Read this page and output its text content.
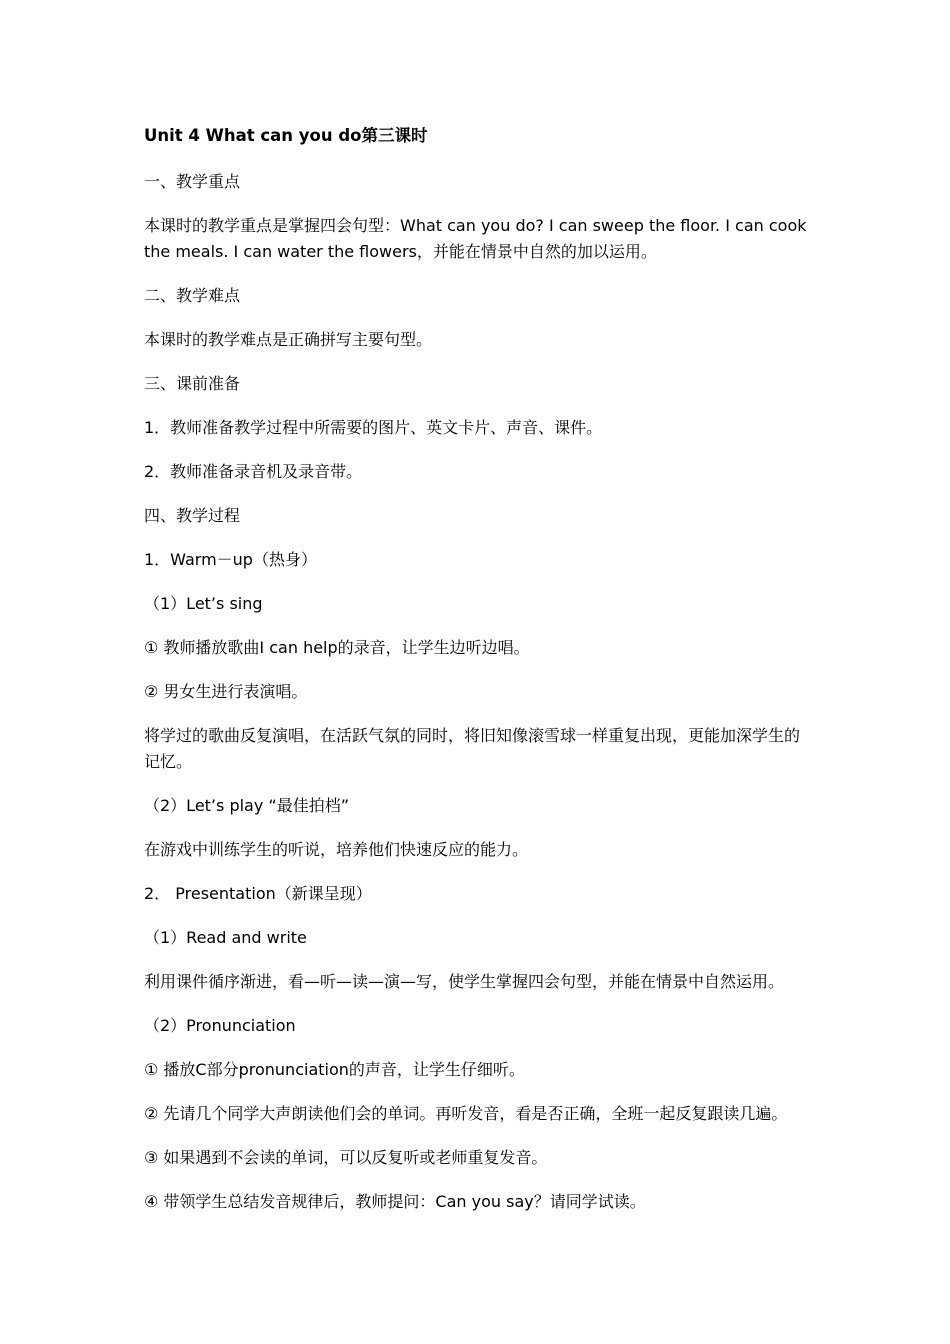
Unit 4 What can you do第三课时
一、教学重点
本课时的教学重点是掌握四会句型：What can you do? I can sweep the floor. I can cook the meals. I can water the flowers，并能在情景中自然的加以运用。
二、教学难点
本课时的教学难点是正确拼写主要句型。
三、课前准备
1．教师准备教学过程中所需要的图片、英文卡片、声音、课件。
2．教师准备录音机及录音带。
四、教学过程
1．Warm－up（热身）
（1）Let’s sing
① 教师播放歌曲I can help的录音，让学生边听边唱。
② 男女生进行表演唱。
将学过的歌曲反复演唱，在活跃气氛的同时，将旧知像滚雪球一样重复出现，更能加深学生的记忆。
（2）Let’s play “最佳拍档”
在游戏中训练学生的听说，培养他们快速反应的能力。
2． Presentation（新课呈现）
（1）Read and write
利用课件循序渐进，看—听—读—演—写，使学生掌握四会句型，并能在情景中自然运用。
（2）Pronunciation
① 播放C部分pronunciation的声音，让学生仔细听。
② 先请几个同学大声朗读他们会的单词。再听发音，看是否正确，全班一起反复跟读几遍。
③ 如果遇到不会读的单词，可以反复听或老师重复发音。
④ 带领学生总结发音规律后，教师提问：Can you say？请同学试读。
